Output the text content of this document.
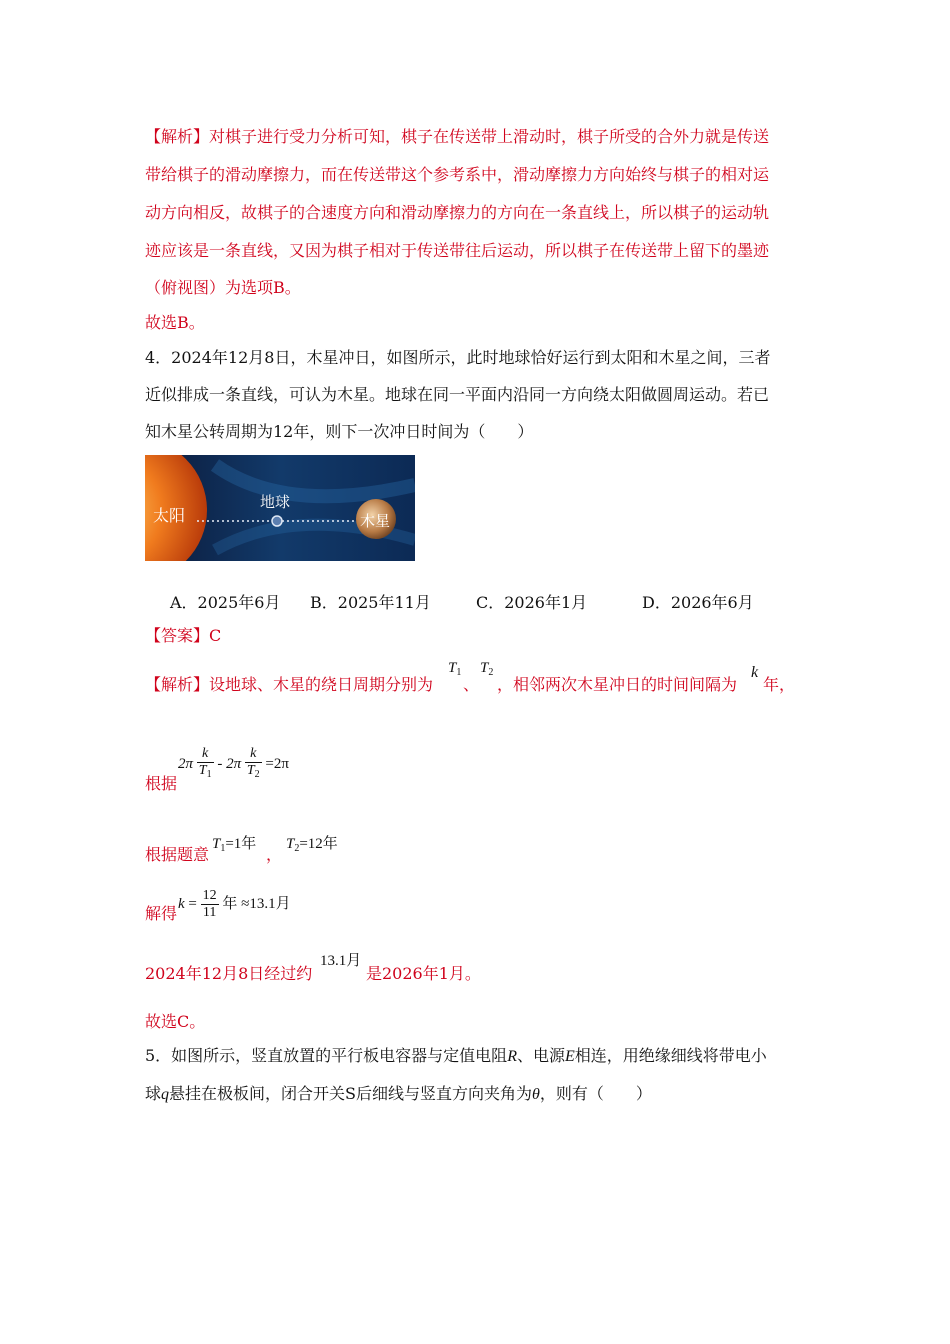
【解析】对棋子进行受力分析可知，棋子在传送带上滑动时，棋子所受的合外力就是传送
带给棋子的滑动摩擦力，而在传送带这个参考系中，滑动摩擦力方向始终与棋子的相对运
动方向相反，故棋子的合速度方向和滑动摩擦力的方向在一条直线上，所以棋子的运动轨
迹应该是一条直线，又因为棋子相对于传送带往后运动，所以棋子在传送带上留下的墨迹
（俯视图）为选项B。
故选B。
4．2024年12月8日，木星冲日，如图所示，此时地球恰好运行到太阳和木星之间，三者
近似排成一条直线，可认为木星。地球在同一平面内沿同一方向绕太阳做圆周运动。若已
知木星公转周期为12年，则下一次冲日时间为（　　）
太阳
地球
木星
A．2025年6月 B．2025年11月	C．2026年1月	D．2026年6月
【答案】C
【解析】设地球、木星的绕日周期分别为
$T_1$
、
$T_2$
，相邻两次木星冲日的时间间隔为
k
年，
根据
$2\pi \frac{k}{T_1} - 2\pi \frac{k}{T_2} =2\pi$
根据题意
$T_1=1$年
，
$T_2=12$年
解得
$k = \frac{12}{11}$ 年 ≈13.1月
2024年12月8日经过约
13.1月
是2026年1月。
故选C。
5．如图所示，竖直放置的平行板电容器与定值电阻R、电源E相连，用绝缘细线将带电小
球q悬挂在极板间，闭合开关S后细线与竖直方向夹角为θ，则有（　　）
